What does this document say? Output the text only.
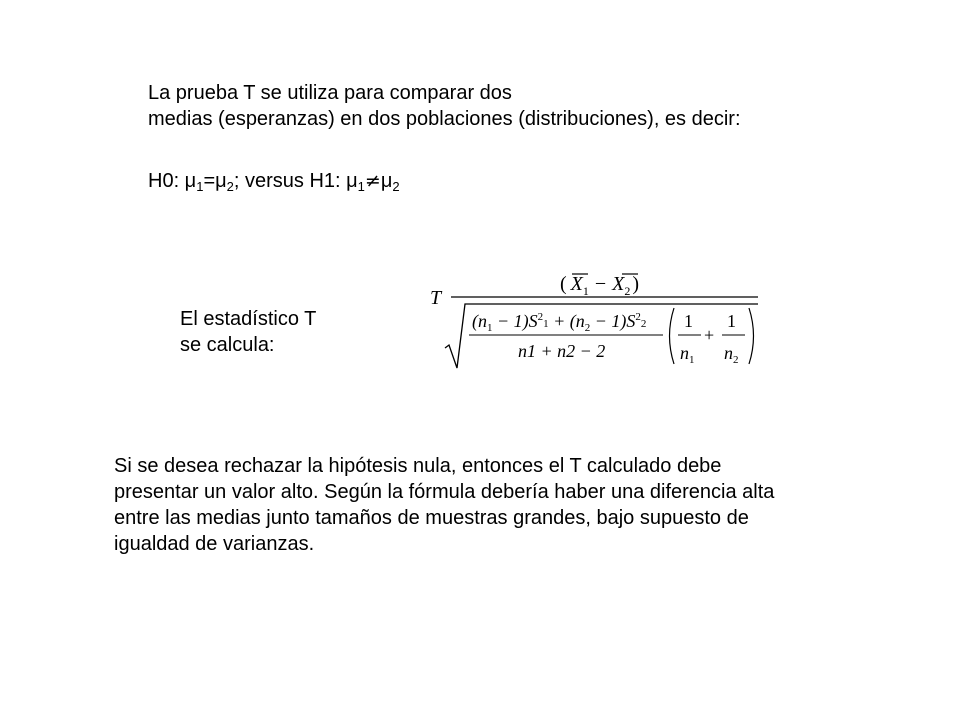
La prueba T se utiliza para comparar dos
medias (esperanzas) en dos poblaciones (distribuciones), es decir:
H0: $\mu_1=\mu_2$; versus H1: $\mu_1\ne\mu_2$
El estadístico T
se calcula:
T
( $X_1 - X_2$ )
$(n_1 - 1)S^2_1 + (n_2 - 1)S^2_2$
n1 + n2 − 2
1
$n_1$
+
1
$n_2$
Si se desea rechazar la hipótesis nula, entonces el T calculado debe
presentar un valor alto. Según la fórmula debería haber una diferencia alta
entre las medias junto tamaños de muestras grandes, bajo supuesto de
igualdad de varianzas.
